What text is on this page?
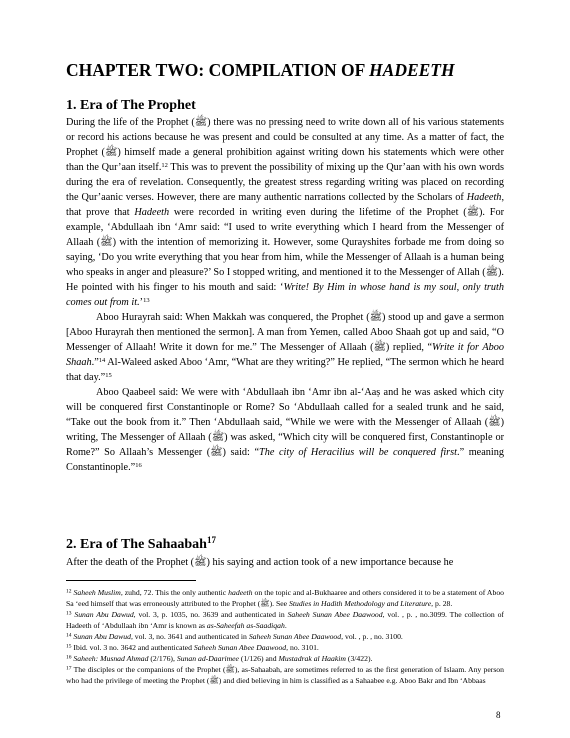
CHAPTER TWO: COMPILATION OF HADEETH
1. Era of The Prophet

During the life of the Prophet (ﷺ) there was no pressing need to write down all of his various statements or record his actions because he was present and could be consulted at any time. As a matter of fact, the Prophet (ﷺ) himself made a general prohibition against writing down his statements which were other than the Qur’aan itself.$^{12}$ This was to prevent the possibility of mixing up the Qur’aan with his own words during the era of revelation. Consequently, the greatest stress regarding writing was placed on recording the Qur’aanic verses. However, there are many authentic narrations collected by the Scholars of Hadeeth, that prove that Hadeeth were recorded in writing even during the lifetime of the Prophet (ﷺ). For example, ‘Abdullaah ibn ‘Amr said: “I used to write everything which I heard from the Messenger of Allaah (ﷺ) with the intention of memorizing it. However, some Qurayshites forbade me from doing so saying, ‘Do you write everything that you hear from him, while the Messenger of Allaah is a human being who speaks in anger and pleasure?’ So I stopped writing, and mentioned it to the Messenger of Allah (ﷺ). He pointed with his finger to his mouth and said: ‘Write! By Him in whose hand is my soul, only truth comes out from it.’$^{13}$

Aboo Hurayrah said: When Makkah was conquered, the Prophet (ﷺ) stood up and gave a sermon [Aboo Hurayrah then mentioned the sermon]. A man from Yemen, called Aboo Shaah got up and said, “O Messenger of Allaah! Write it down for me.” The Messenger of Allaah (ﷺ) replied, “Write it for Aboo Shaah.”$^{14}$ Al-Waleed asked Aboo ‘Amr, “What are they writing?” He replied, “The sermon which he heard that day.”$^{15}$

Aboo Qaabeel said: We were with ‘Abdullaah ibn ‘Amr ibn al-‘Aaṣ and he was asked which city will be conquered first Constantinople or Rome? So ‘Abdullaah called for a sealed trunk and he said, “Take out the book from it.” Then ‘Abdullaah said, “While we were with the Messenger of Allaah (ﷺ) writing, The Messenger of Allaah (ﷺ) was asked, “Which city will be conquered first, Constantinople or Rome?” So Allaah’s Messenger (ﷺ) said: “The city of Heracilius will be conquered first.” meaning Constantinople.”$^{16}$

2. Era of The Sahaabah$^{17}$

After the death of the Prophet (ﷺ) his saying and action took of a new importance because he

$^{12}$ Saheeh Muslim, zuhd, 72. This the only authentic hadeeth on the topic and al-Bukhaaree and others considered it to be a statement of Aboo Sa ‘eed himself that was erroneously attributed to the Prophet (ﷺ). See Studies in Hadith Methodology and Literature, p. 28.

$^{13}$ Sunan Abu Dawud, vol. 3, p. 1035, no. 3639 and authenticated in Saheeh Sunan Abee Daawood, vol. , p. , no.3099. The collection of Hadeeth of ‘Abdullaah ibn ‘Amr is known as as-Saheefah as-Saadiqah.

$^{14}$ Sunan Abu Dawud, vol. 3, no. 3641 and authenticated in Saheeh Sunan Abee Daawood, vol. , p. , no. 3100.

$^{15}$ Ibid. vol. 3 no. 3642 and authenticated Saheeh Sunan Abee Daawood, no. 3101.

$^{16}$ Saheeh: Musnad Ahmad (2/176), Sunan ad-Daarimee (1/126) and Mustadrak al Haakim (3/422).

$^{17}$ The disciples or the companions of the Prophet (ﷺ), as-Sahaabah, are sometimes referred to as the first generation of Islaam. Any person who had the privilege of meeting the Prophet (ﷺ) and died believing in him is classified as a Sahaabee e.g. Aboo Bakr and Ibn ‘Abbaas

8
